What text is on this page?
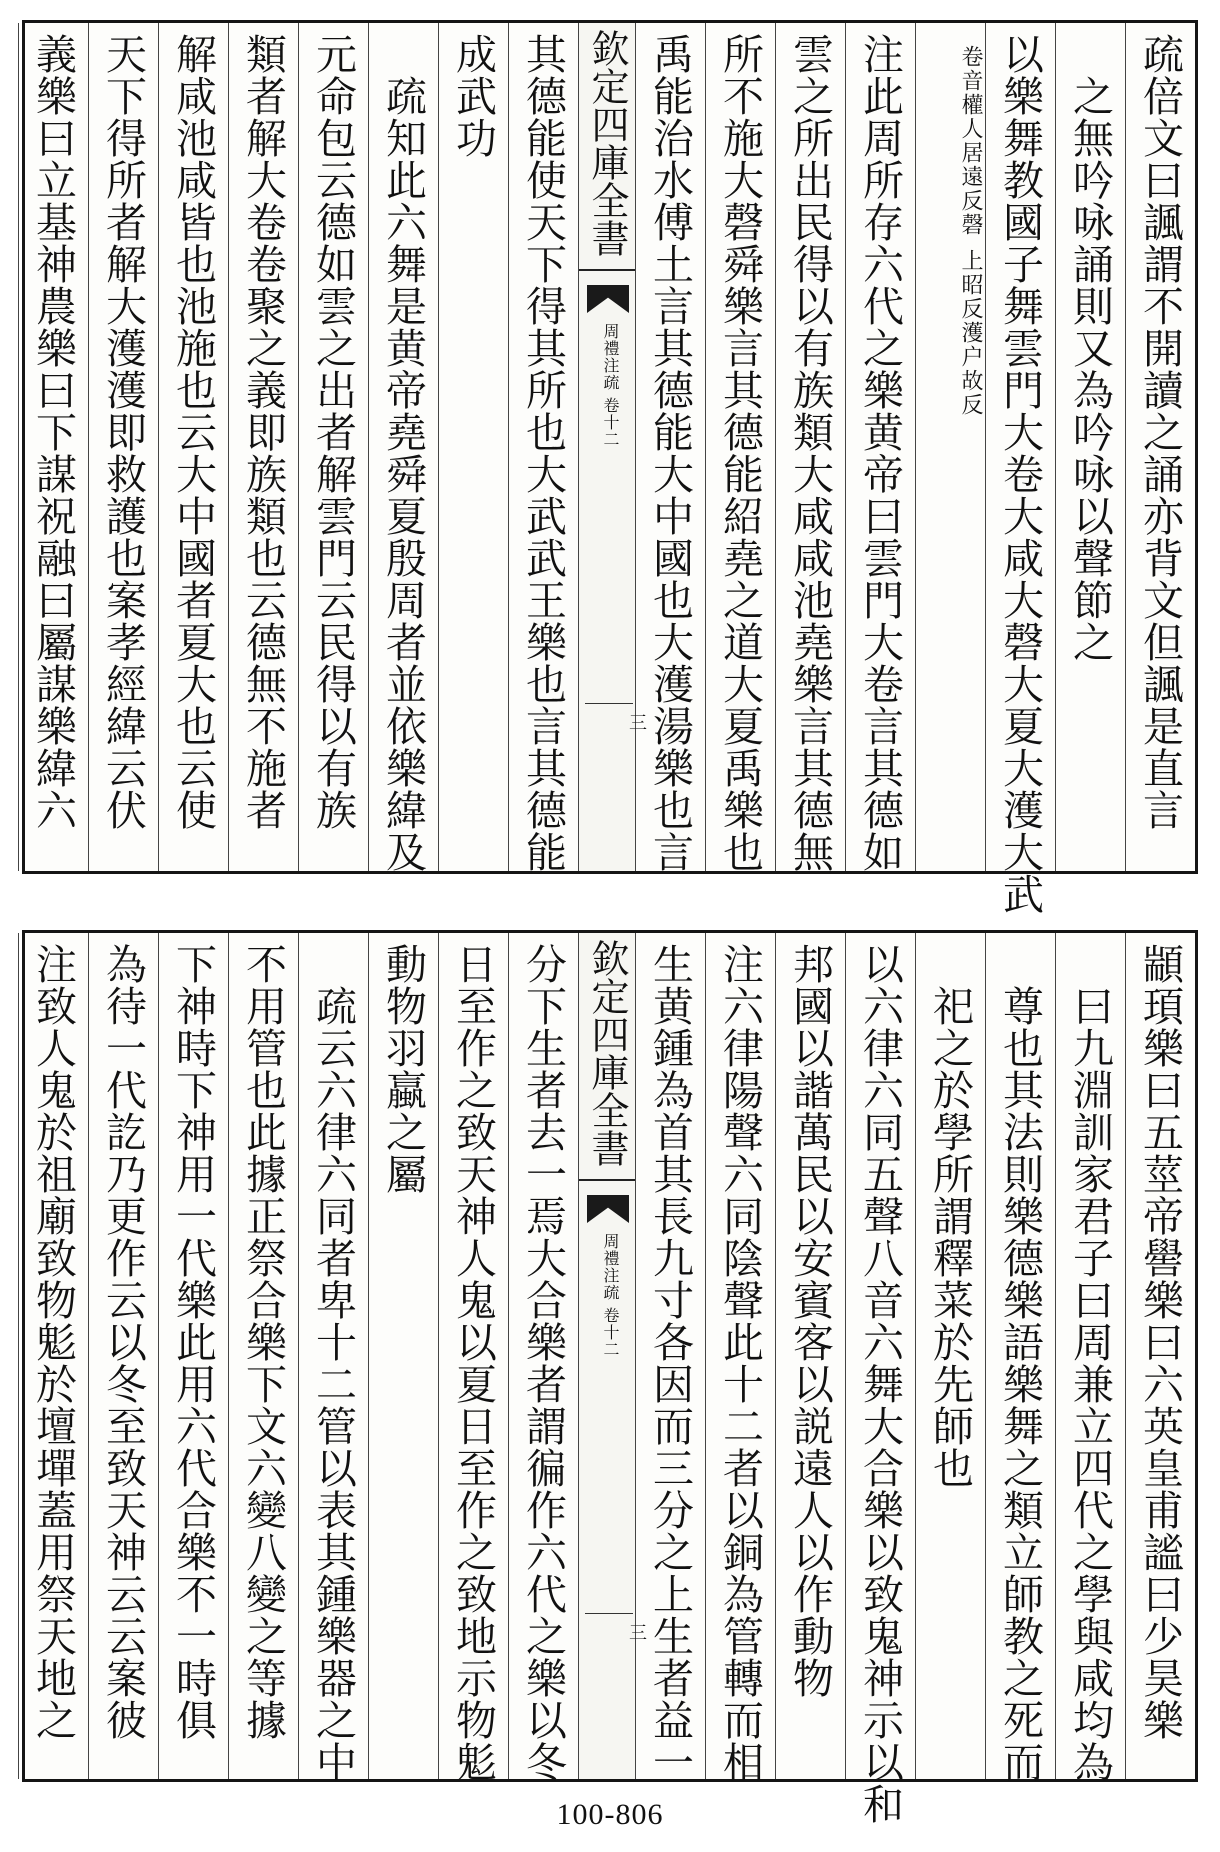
疏倍文曰諷謂不開讀之誦亦背文但諷是直言
之無吟咏誦則又為吟咏以聲節之
以樂舞教國子舞雲門大卷大咸大磬大夏大濩大武
卷音權人居遠反磬
上昭反濩户故反
注此周所存六代之樂黄帝曰雲門大卷言其德如
雲之所出民得以有族類大咸咸池堯樂言其德無
所不施大磬舜樂言其德能紹堯之道大夏禹樂也
禹能治水傅土言其德能大中國也大濩湯樂也言
欽定四庫全書
周禮注疏 卷十二
三
其德能使天下得其所也大武武王樂也言其德能
成武功
疏知此六舞是黄帝堯舜夏殷周者並依樂緯及
元命包云德如雲之出者解雲門云民得以有族
類者解大卷卷聚之義即族類也云德無不施者
解咸池咸皆也池施也云大中國者夏大也云使
天下得所者解大濩濩即救護也案孝經緯云伏
義樂曰立基神農樂曰下謀祝融曰屬謀樂緯六
顓頊樂曰五莖帝嚳樂曰六英皇甫謐曰少昊樂
曰九淵訓家君子曰周兼立四代之學與咸均為
尊也其法則樂德樂語樂舞之類立師教之死而
祀之於學所謂釋菜於先師也
以六律六同五聲八音六舞大合樂以致鬼神示以和
邦國以諧萬民以安賓客以説遠人以作動物
注六律陽聲六同陰聲此十二者以銅為管轉而相
生黄鍾為首其長九寸各因而三分之上生者益一
欽定四庫全書
周禮注疏 卷十二
三
分下生者去一焉大合樂者謂徧作六代之樂以冬
日至作之致天神人鬼以夏日至作之致地示物鬽
動物羽蠃之屬
疏云六律六同者卑十二管以表其鍾樂器之中
不用管也此據正祭合樂下文六變八變之等據
下神時下神用一代樂此用六代合樂不一時俱
為待一代訖乃更作云以冬至致天神云云案彼
注致人鬼於祖廟致物鬽於壇墠蓋用祭天地之
100-806
